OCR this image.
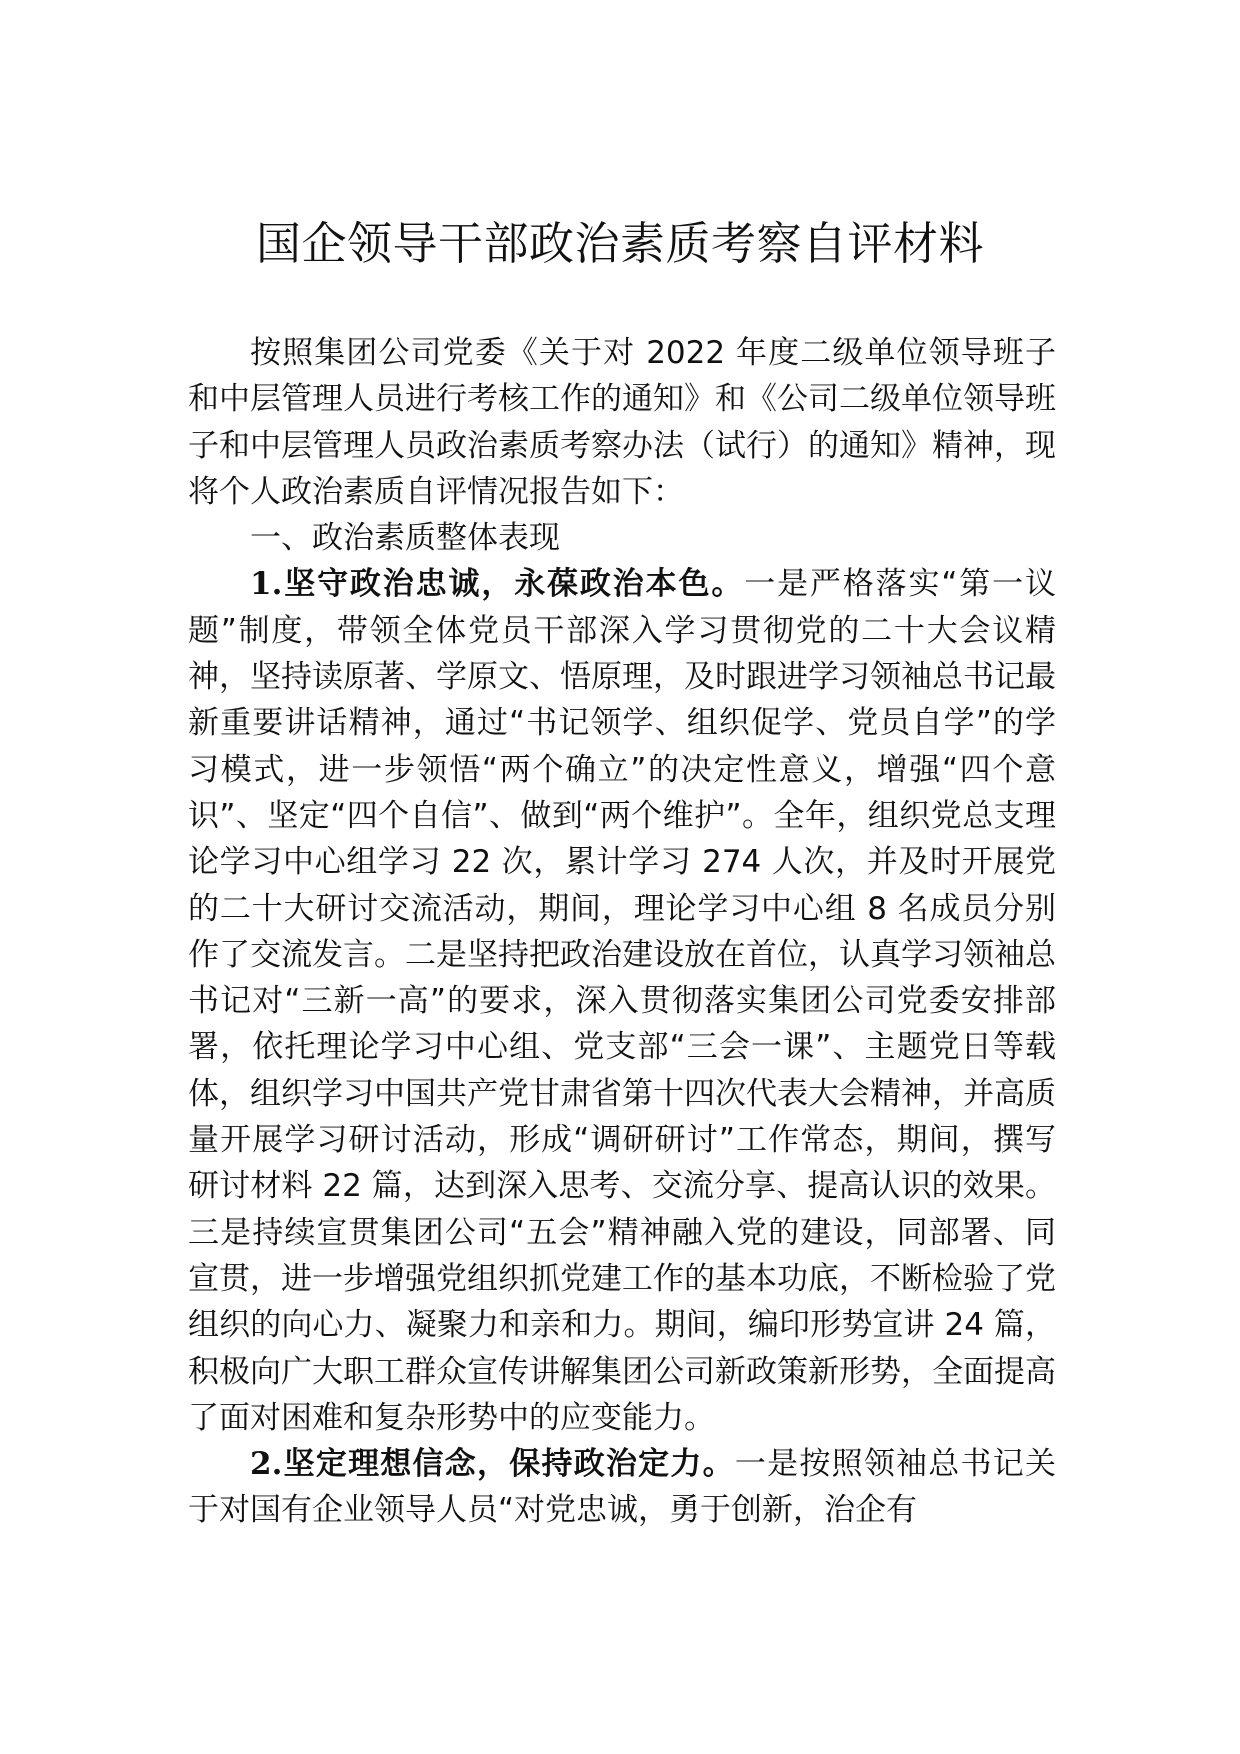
国企领导干部政治素质考察自评材料

按照集团公司党委《关于对 2022 年度二级单位领导班子和中层管理人员进行考核工作的通知》和《公司二级单位领导班子和中层管理人员政治素质考察办法（试行）的通知》精神，现将个人政治素质自评情况报告如下：

一、政治素质整体表现

1.坚守政治忠诚，永葆政治本色。一是严格落实“第一议题”制度，带领全体党员干部深入学习贯彻党的二十大会议精神，坚持读原著、学原文、悟原理，及时跟进学习领袖总书记最新重要讲话精神，通过“书记领学、组织促学、党员自学”的学习模式，进一步领悟“两个确立”的决定性意义，增强“四个意识”、坚定“四个自信”、做到“两个维护”。全年，组织党总支理论学习中心组学习 22 次，累计学习 274 人次，并及时开展党的二十大研讨交流活动，期间，理论学习中心组 8 名成员分别作了交流发言。二是坚持把政治建设放在首位，认真学习领袖总书记对“三新一高”的要求，深入贯彻落实集团公司党委安排部署，依托理论学习中心组、党支部“三会一课”、主题党日等载体，组织学习中国共产党甘肃省第十四次代表大会精神，并高质量开展学习研讨活动，形成“调研研讨”工作常态，期间，撰写研讨材料 22 篇，达到深入思考、交流分享、提高认识的效果。三是持续宣贯集团公司“五会”精神融入党的建设，同部署、同宣贯，进一步增强党组织抓党建工作的基本功底，不断检验了党组织的向心力、凝聚力和亲和力。期间，编印形势宣讲 24 篇，积极向广大职工群众宣传讲解集团公司新政策新形势，全面提高了面对困难和复杂形势中的应变能力。

2.坚定理想信念，保持政治定力。一是按照领袖总书记关于对国有企业领导人员“对党忠诚，勇于创新，治企有
